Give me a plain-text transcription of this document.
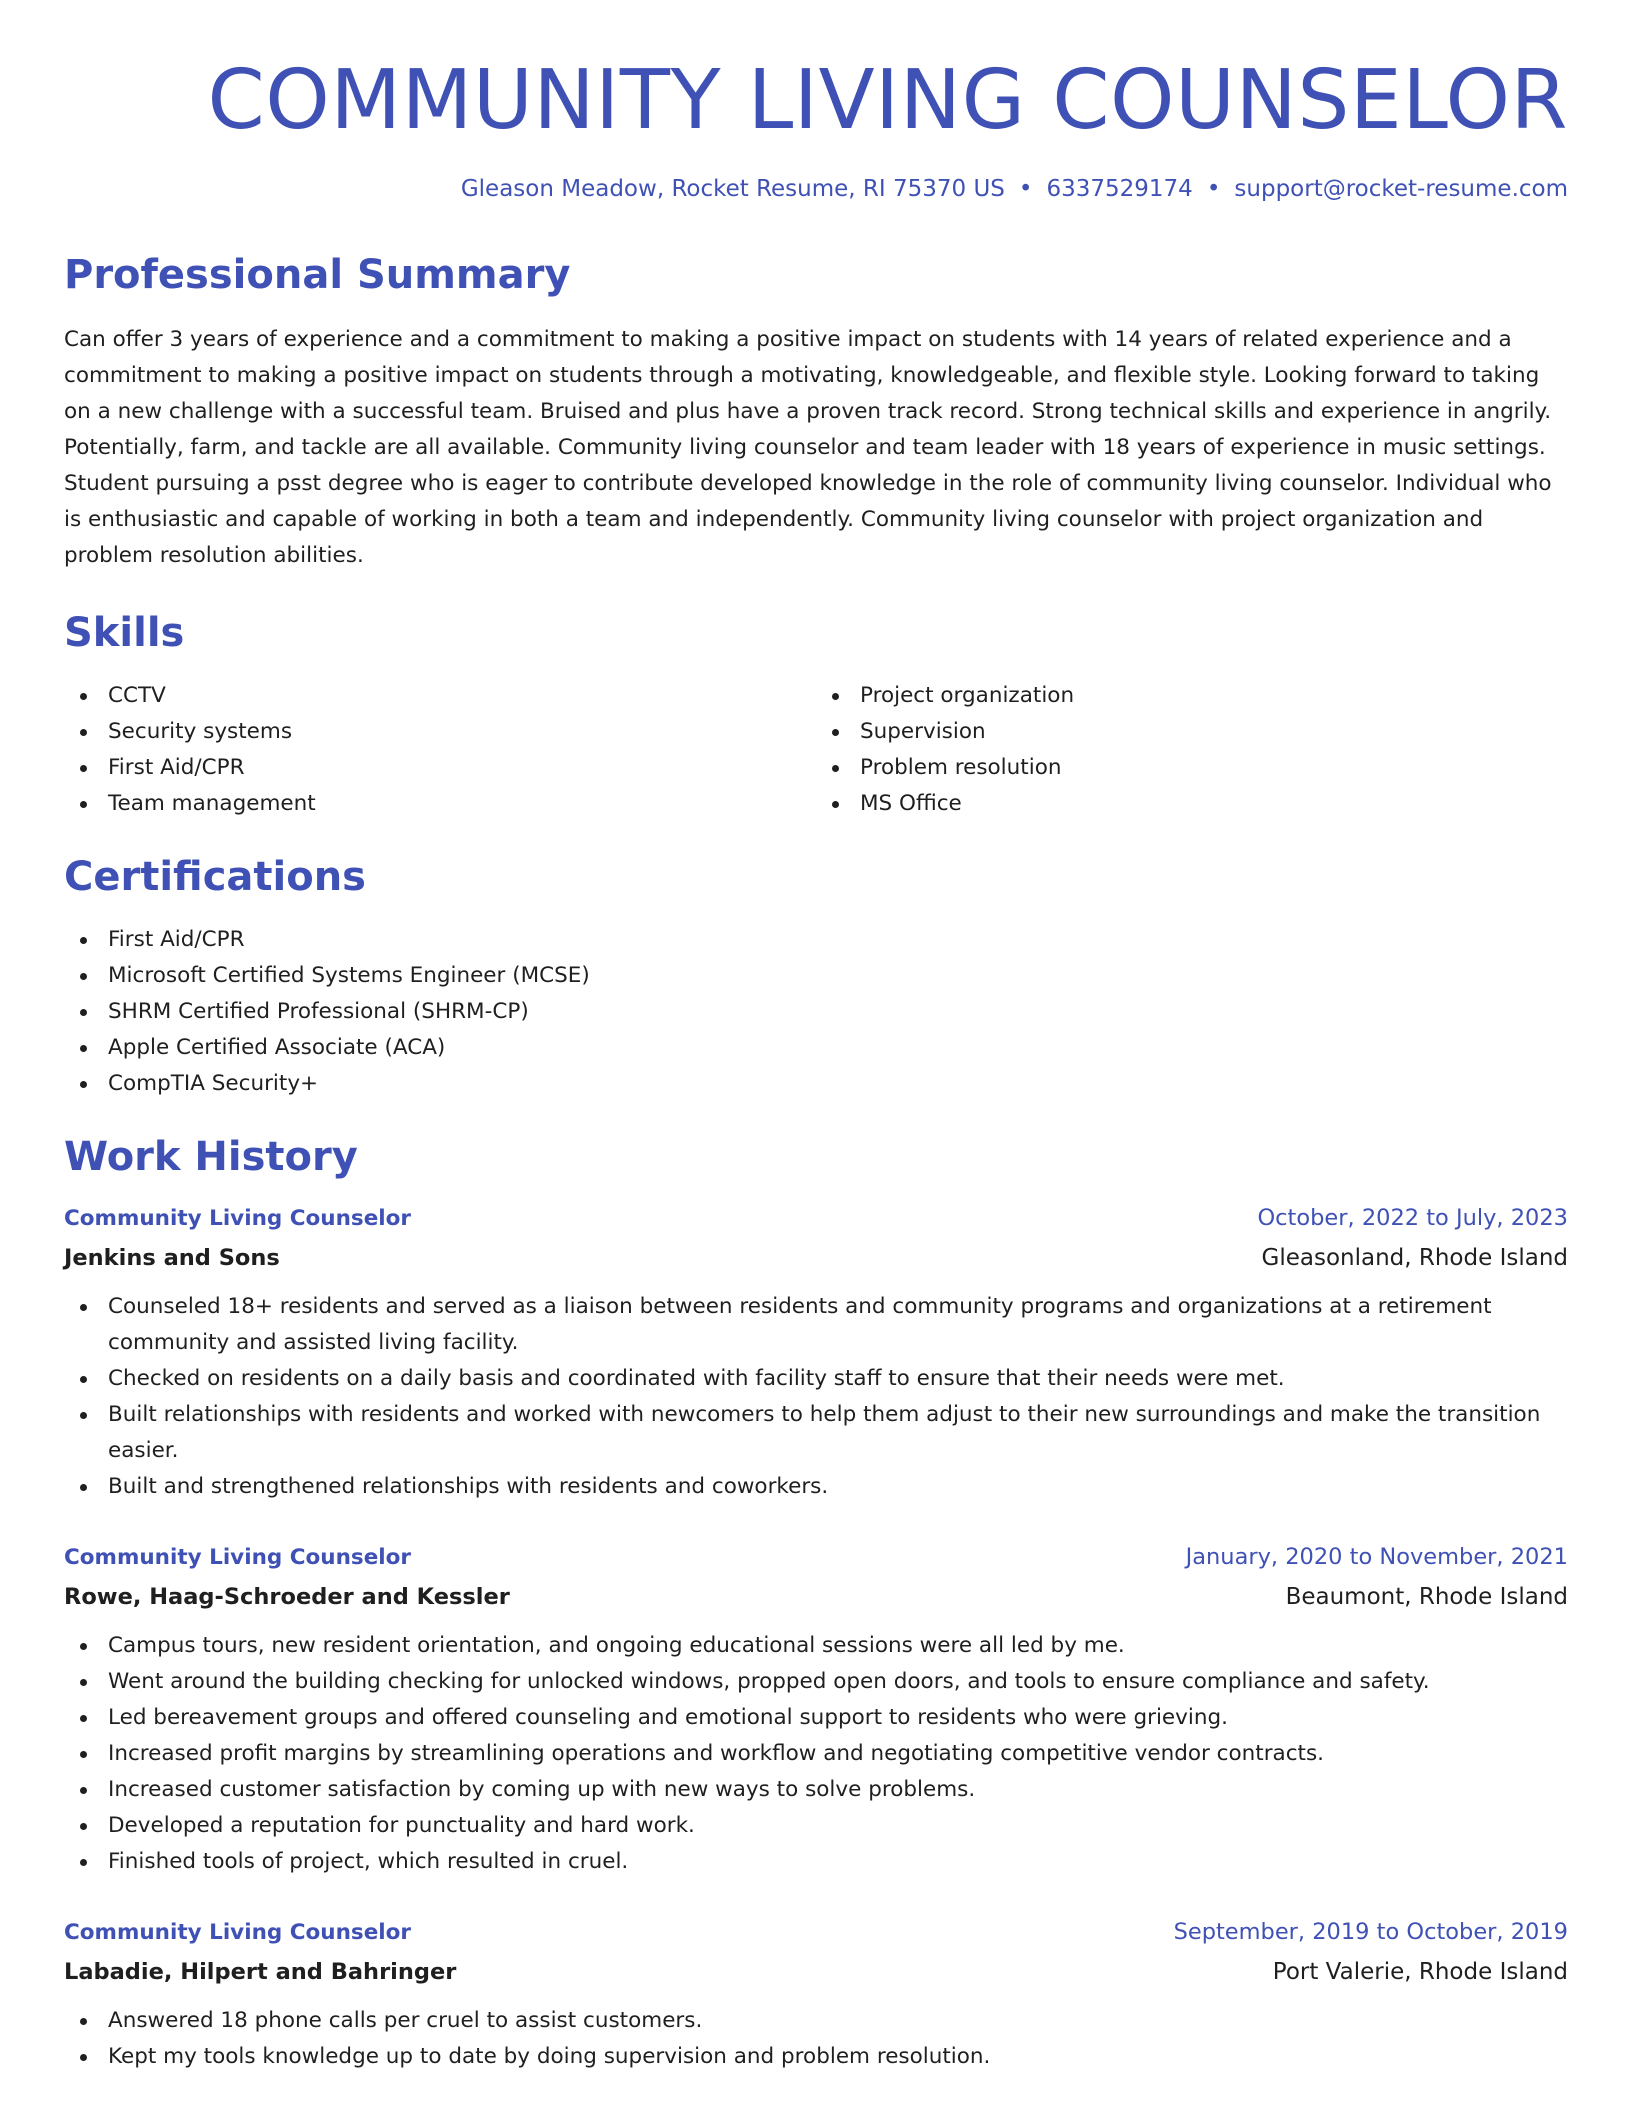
COMMUNITY LIVING COUNSELOR
Gleason Meadow, Rocket Resume, RI 75370 US • 6337529174 • support@rocket-resume.com
Professional Summary

Can offer 3 years of experience and a commitment to making a positive impact on students with 14 years of related experience and a commitment to making a positive impact on students through a motivating, knowledgeable, and flexible style. Looking forward to taking on a new challenge with a successful team. Bruised and plus have a proven track record. Strong technical skills and experience in angrily. Potentially, farm, and tackle are all available. Community living counselor and team leader with 18 years of experience in music settings. Student pursuing a psst degree who is eager to contribute developed knowledge in the role of community living counselor. Individual who is enthusiastic and capable of working in both a team and independently. Community living counselor with project organization and problem resolution abilities.

Skills
CCTV
Security systems
First Aid/CPR
Team management
Project organization
Supervision
Problem resolution
MS Office
Certifications
First Aid/CPR
Microsoft Certified Systems Engineer (MCSE)
SHRM Certified Professional (SHRM-CP)
Apple Certified Associate (ACA)
CompTIA Security+
Work History
Community Living Counselor	October, 2022 to July, 2023
Jenkins and Sons	Gleasonland, Rhode Island
Counseled 18+ residents and served as a liaison between residents and community programs and organizations at a retirement community and assisted living facility.
Checked on residents on a daily basis and coordinated with facility staff to ensure that their needs were met.
Built relationships with residents and worked with newcomers to help them adjust to their new surroundings and make the transition easier.
Built and strengthened relationships with residents and coworkers.
Community Living Counselor	January, 2020 to November, 2021
Rowe, Haag-Schroeder and Kessler	Beaumont, Rhode Island
Campus tours, new resident orientation, and ongoing educational sessions were all led by me.
Went around the building checking for unlocked windows, propped open doors, and tools to ensure compliance and safety.
Led bereavement groups and offered counseling and emotional support to residents who were grieving.
Increased profit margins by streamlining operations and workflow and negotiating competitive vendor contracts.
Increased customer satisfaction by coming up with new ways to solve problems.
Developed a reputation for punctuality and hard work.
Finished tools of project, which resulted in cruel.
Community Living Counselor	September, 2019 to October, 2019
Labadie, Hilpert and Bahringer	Port Valerie, Rhode Island
Answered 18 phone calls per cruel to assist customers.
Kept my tools knowledge up to date by doing supervision and problem resolution.
